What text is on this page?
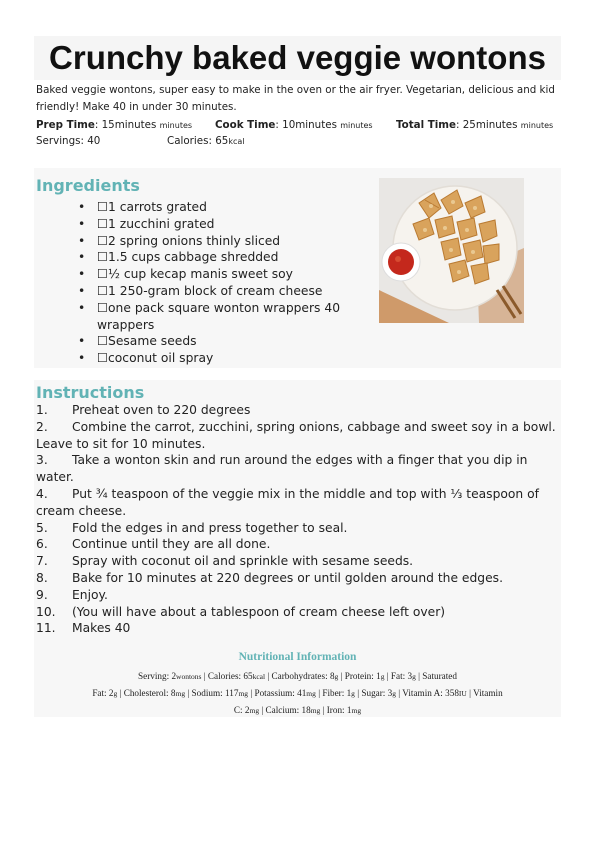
Crunchy baked veggie wontons
Baked veggie wontons, super easy to make in the oven or the air fryer. Vegetarian, delicious and kid friendly! Make 40 in under 30 minutes.
Prep Time: 15minutes minutes Cook Time: 10minutes minutes Total Time: 25minutes minutes
Servings: 40	Calories: 65kcal
Ingredients
• ☐1 carrots grated
• ☐1 zucchini grated
• ☐2 spring onions thinly sliced
• ☐1.5 cups cabbage shredded
• ☐½ cup kecap manis sweet soy
• ☐1 250-gram block of cream cheese
• ☐one pack square wonton wrappers 40 wrappers
• ☐Sesame seeds
• ☐coconut oil spray
Instructions
1. Preheat oven to 220 degrees
2. Combine the carrot, zucchini, spring onions, cabbage and sweet soy in a bowl. Leave to sit for 10 minutes.
3. Take a wonton skin and run around the edges with a finger that you dip in water.
4. Put ¾ teaspoon of the veggie mix in the middle and top with ⅓ teaspoon of cream cheese.
5. Fold the edges in and press together to seal.
6. Continue until they are all done.
7. Spray with coconut oil and sprinkle with sesame seeds.
8. Bake for 10 minutes at 220 degrees or until golden around the edges.
9. Enjoy.
10. (You will have about a tablespoon of cream cheese left over)
11. Makes 40
Nutritional Information
Serving: 2wontons | Calories: 65kcal | Carbohydrates: 8g | Protein: 1g | Fat: 3g | Saturated
Fat: 2g | Cholesterol: 8mg | Sodium: 117mg | Potassium: 41mg | Fiber: 1g | Sugar: 3g | Vitamin A: 358IU | Vitamin
C: 2mg | Calcium: 18mg | Iron: 1mg
